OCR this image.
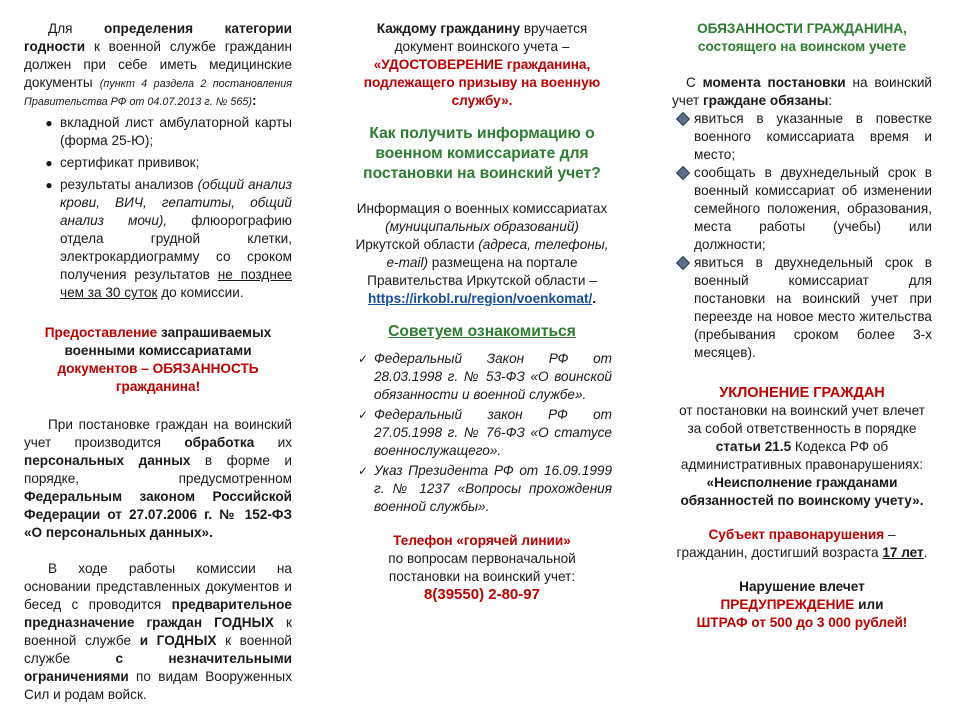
Для определения категории годности к военной службе гражданин должен при себе иметь медицинские документы (пункт 4 раздела 2 постановления Правительства РФ от 04.07.2013 г. № 565):

● вкладной лист амбулаторной карты (форма 25-Ю);
● сертификат прививок;
● результаты анализов (общий анализ крови, ВИЧ, гепатиты, общий анализ мочи), флюорографию отдела грудной клетки, электрокардиограмму со сроком получения результатов не позднее чем за 30 суток до комиссии.

Предоставление запрашиваемых военными комиссариатами документов – ОБЯЗАННОСТЬ гражданина!

При постановке граждан на воинский учет производится обработка их персональных данных в форме и порядке, предусмотренном Федеральным законом Российской Федерации от 27.07.2006 г. № 152-ФЗ «О персональных данных».

В ходе работы комиссии на основании представленных документов и бесед с проводится предварительное предназначение граждан ГОДНЫХ к военной службе и ГОДНЫХ к военной службе с незначительными ограничениями по видам Вооруженных Сил и родам войск.

Каждому гражданину вручается документ воинского учета –

«УДОСТОВЕРЕНИЕ гражданина, подлежащего призыву на военную службу».

Как получить информацию о военном комиссариате для постановки на воинский учет?

Информация о военных комиссариатах (муниципальных образований) Иркутской области (адреса, телефоны, e-mail) размещена на портале Правительства Иркутской области –

https://irkobl.ru/region/voenkomat/.

Советуем ознакомиться

✓ Федеральный Закон РФ от 28.03.1998 г. № 53-ФЗ «О воинской обязанности и военной службе».
✓ Федеральный закон РФ от 27.05.1998 г. № 76-ФЗ «О статусе военнослужащего».
✓ Указ Президента РФ от 16.09.1999 г. № 1237 «Вопросы прохождения военной службы».

Телефон «горячей линии»

по вопросам первоначальной постановки на воинский учет:

8(39550) 2-80-97

ОБЯЗАННОСТИ ГРАЖДАНИНА, состоящего на воинском учете

С момента постановки на воинский учет граждане обязаны:

явиться в указанные в повестке военного комиссариата время и место;
сообщать в двухнедельный срок в военный комиссариат об изменении семейного положения, образования, места работы (учебы) или должности;
явиться в двухнедельный срок в военный комиссариат для постановки на воинский учет при переезде на новое место жительства (пребывания сроком более 3-х месяцев).

УКЛОНЕНИЕ ГРАЖДАН

от постановки на воинский учет влечет за собой ответственность в порядке статьи 21.5 Кодекса РФ об административных правонарушениях:

«Неисполнение гражданами обязанностей по воинскому учету».

Субъект правонарушения – гражданин, достигший возраста 17 лет.

Нарушение влечет

ПРЕДУПРЕЖДЕНИЕ или

ШТРАФ от 500 до 3 000 рублей!
